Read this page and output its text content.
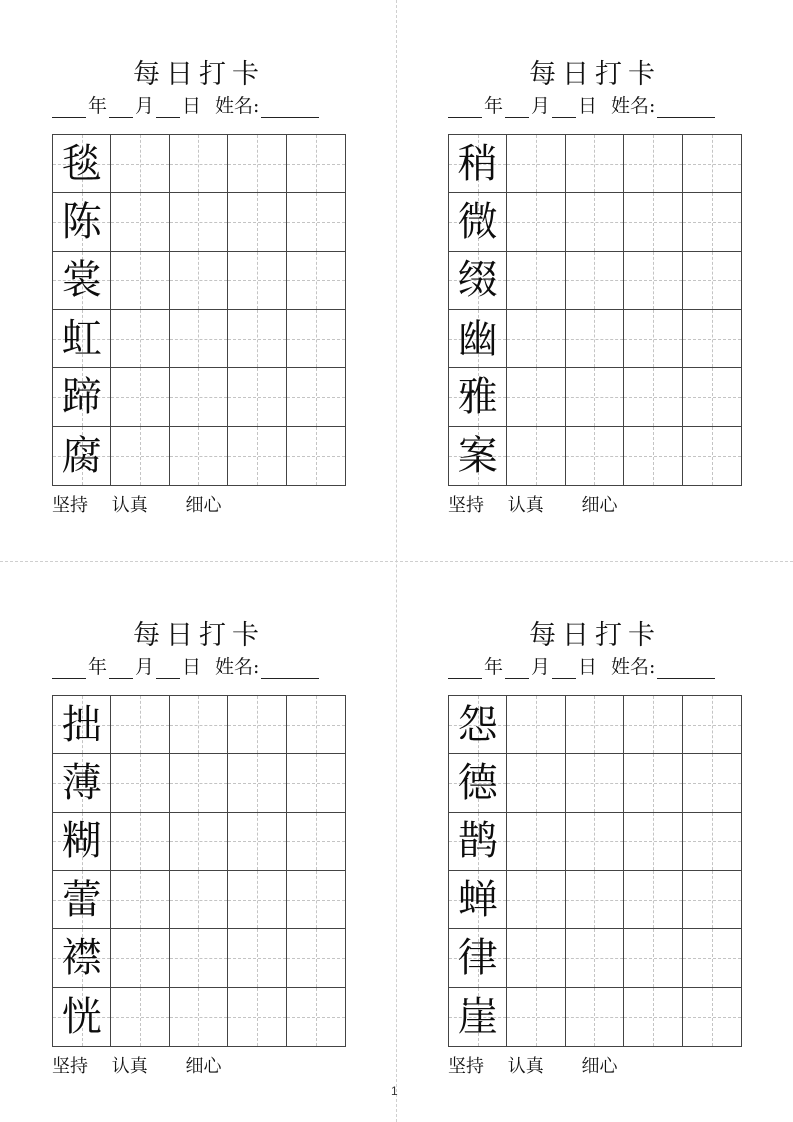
每日打卡
年 月 日 姓名:
毯
陈
裳
虹
蹄
腐
坚持 认真 细心
每日打卡
年 月 日 姓名:
稍
微
缀
幽
雅
案
坚持 认真 细心
每日打卡
年 月 日 姓名:
拙
薄
糊
蕾
襟
恍
坚持 认真 细心
每日打卡
年 月 日 姓名:
怨
德
鹊
蝉
律
崖
坚持 认真 细心
1
